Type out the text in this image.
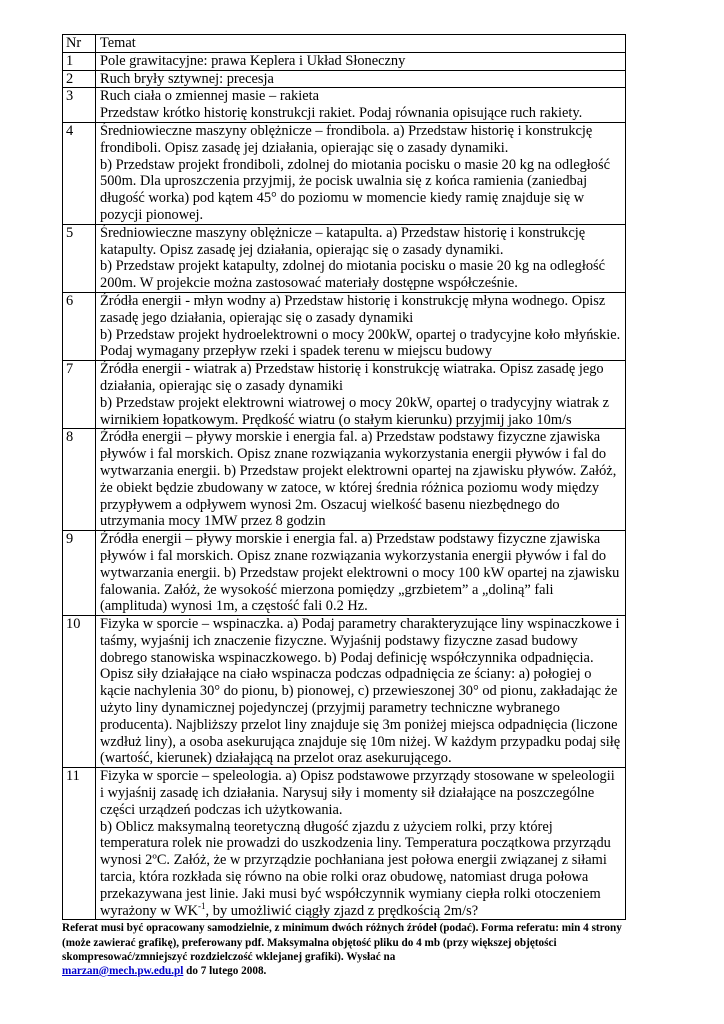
Nr	Temat
1	Pole grawitacyjne: prawa Keplera i Układ Słoneczny

2	Ruch bryły sztywnej: precesja

3	Ruch ciała o zmiennej masie – rakieta
Przedstaw krótko historię konstrukcji rakiet. Podaj równania opisujące ruch rakiety.

4	Średniowieczne maszyny oblężnicze – frondibola. a) Przedstaw historię i konstrukcję frondiboli. Opisz zasadę jej działania, opierając się o zasady dynamiki.
b) Przedstaw projekt frondiboli, zdolnej do miotania pocisku o masie 20 kg na odległość 500m. Dla uproszczenia przyjmij, że pocisk uwalnia się z końca ramienia (zaniedbaj długość worka) pod kątem 45° do poziomu w momencie kiedy ramię znajduje się w pozycji pionowej.

5	Średniowieczne maszyny oblężnicze – katapulta. a) Przedstaw historię i konstrukcję katapulty. Opisz zasadę jej działania, opierając się o zasady dynamiki.
b) Przedstaw projekt katapulty, zdolnej do miotania pocisku o masie 20 kg na odległość 200m. W projekcie można zastosować materiały dostępne współcześnie.

6	Źródła energii - młyn wodny a) Przedstaw historię i konstrukcję młyna wodnego. Opisz zasadę jego działania, opierając się o zasady dynamiki
b) Przedstaw projekt hydroelektrowni o mocy 200kW, opartej o tradycyjne koło młyńskie. Podaj wymagany przepływ rzeki i spadek terenu w miejscu budowy

7	Źródła energii - wiatrak a) Przedstaw historię i konstrukcję wiatraka. Opisz zasadę jego działania, opierając się o zasady dynamiki
b) Przedstaw projekt elektrowni wiatrowej o mocy 20kW, opartej o tradycyjny wiatrak z wirnikiem łopatkowym. Prędkość wiatru (o stałym kierunku) przyjmij jako 10m/s

8	Źródła energii – pływy morskie i energia fal. a) Przedstaw podstawy fizyczne zjawiska pływów i fal morskich. Opisz znane rozwiązania wykorzystania energii pływów i fal do wytwarzania energii. b) Przedstaw projekt elektrowni opartej na zjawisku pływów. Załóż, że obiekt będzie zbudowany w zatoce, w której średnia różnica poziomu wody między przypływem a odpływem wynosi 2m. Oszacuj wielkość basenu niezbędnego do utrzymania mocy 1MW przez 8 godzin

9	Źródła energii – pływy morskie i energia fal. a) Przedstaw podstawy fizyczne zjawiska pływów i fal morskich. Opisz znane rozwiązania wykorzystania energii pływów i fal do wytwarzania energii. b) Przedstaw projekt elektrowni o mocy 100 kW opartej na zjawisku falowania. Załóż, że wysokość mierzona pomiędzy „grzbietem” a „doliną” fali (amplituda) wynosi 1m, a częstość fali 0.2 Hz.

10	Fizyka w sporcie – wspinaczka. a) Podaj parametry charakteryzujące liny wspinaczkowe i taśmy, wyjaśnij ich znaczenie fizyczne. Wyjaśnij podstawy fizyczne zasad budowy dobrego stanowiska wspinaczkowego. b) Podaj definicję współczynnika odpadnięcia. Opisz siły działające na ciało wspinacza podczas odpadnięcia ze ściany: a) połogiej o kącie nachylenia 30° do pionu, b) pionowej, c) przewieszonej 30° od pionu, zakładając że użyto liny dynamicznej pojedynczej (przyjmij parametry techniczne wybranego producenta). Najbliższy przelot liny znajduje się 3m poniżej miejsca odpadnięcia (liczone wzdłuż liny), a osoba asekurująca znajduje się 10m niżej. W każdym przypadku podaj siłę (wartość, kierunek) działającą na przelot oraz asekurującego.

11	Fizyka w sporcie – speleologia. a) Opisz podstawowe przyrządy stosowane w speleologii i wyjaśnij zasadę ich działania. Narysuj siły i momenty sił działające na poszczególne części urządzeń podczas ich użytkowania.
b) Oblicz maksymalną teoretyczną długość zjazdu z użyciem rolki, przy której temperatura rolek nie prowadzi do uszkodzenia liny. Temperatura początkowa przyrządu wynosi 2ºC. Załóż, że w przyrządzie pochłaniana jest połowa energii związanej z siłami tarcia, która rozkłada się równo na obie rolki oraz obudowę, natomiast druga połowa przekazywana jest linie. Jaki musi być współczynnik wymiany ciepła rolki otoczeniem
wyrażony w $WK^{-1}$, by umożliwić ciągły zjazd z prędkością 2m/s?
Referat musi być opracowany samodzielnie, z minimum dwóch różnych źródeł (podać). Forma referatu: min 4 strony (może zawierać grafikę), preferowany pdf. Maksymalna objętość pliku do 4 mb (przy większej objętości skompresować/zmniejszyć rozdzielczość wklejanej grafiki). Wysłać na
marzan@mech.pw.edu.pl do 7 lutego 2008.
